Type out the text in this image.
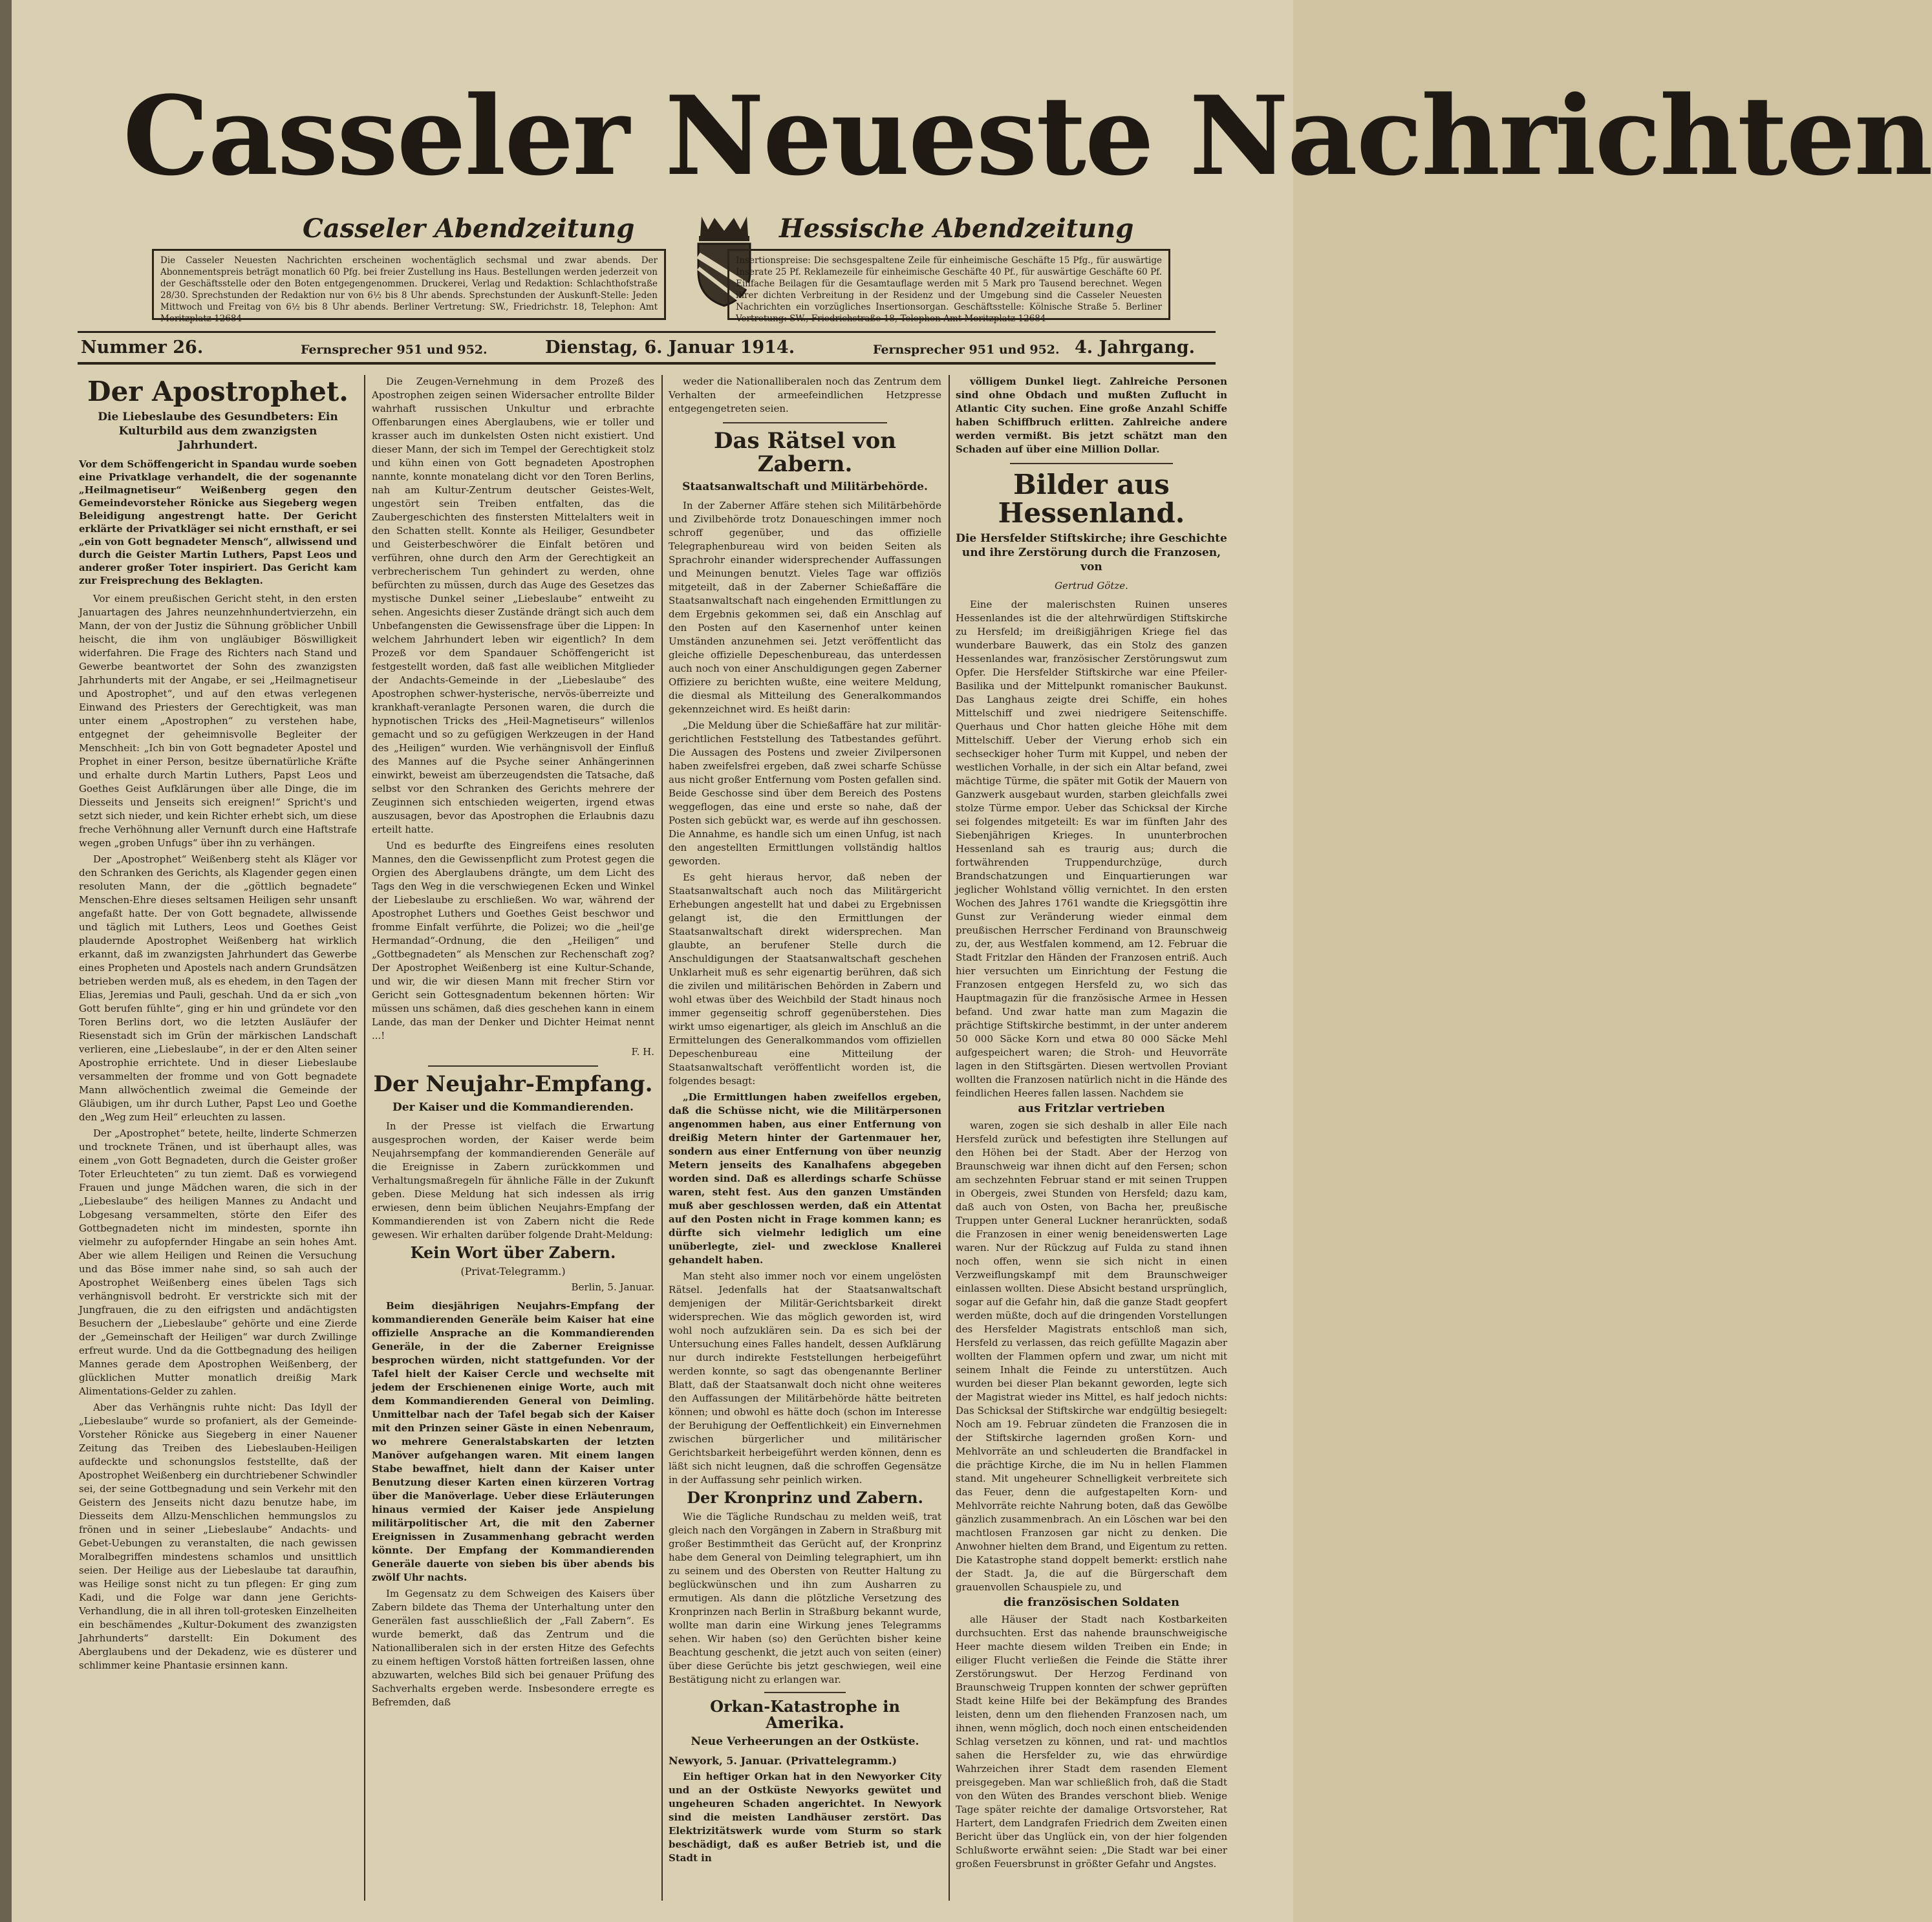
Casseler Neueste Nachrichten
Casseler Abendzeitung	Hessische Abendzeitung
Die Casseler Neuesten Nachrichten erscheinen wochentäglich sechsmal und zwar abends. Der Abonnementspreis beträgt monatlich 60 Pfg. bei freier Zustellung ins Haus. Bestellungen werden jederzeit von der Geschäftsstelle oder den Boten entgegengenommen. Druckerei, Verlag und Redaktion: Schlachthofstraße 28/30. Sprechstunden der Redaktion nur von 6½ bis 8 Uhr abends. Sprechstunden der Auskunft-Stelle: Jeden Mittwoch und Freitag von 6½ bis 8 Uhr abends. Berliner Vertretung: SW., Friedrichstr. 18, Telephon: Amt Moritzplatz 12684
Insertionspreise: Die sechsgespaltene Zeile für einheimische Geschäfte 15 Pfg., für auswärtige Inserate 25 Pf. Reklamezeile für einheimische Geschäfte 40 Pf., für auswärtige Geschäfte 60 Pf. Einfache Beilagen für die Gesamtauflage werden mit 5 Mark pro Tausend berechnet. Wegen ihrer dichten Verbreitung in der Residenz und der Umgebung sind die Casseler Neuesten Nachrichten ein vorzügliches Insertionsorgan. Geschäftsstelle: Kölnische Straße 5. Berliner Vertretung: SW., Friedrichstraße 18, Telephon Amt Moritzplatz 12684
Nummer 26.	Fernsprecher 951 und 952.	Dienstag, 6. Januar 1914.	Fernsprecher 951 und 952. 4. Jahrgang.
Der Apostrophet.
Die Liebeslaube des Gesundbeters: Ein Kulturbild aus dem zwanzigsten Jahrhundert.
Vor dem Schöffengericht in Spandau wurde soeben eine Privatklage verhandelt, die der sogenannte „Heilmagnetiseur“ Weißenberg gegen den Gemeindevorsteher Rönicke aus Siegeberg wegen Beleidigung angestrengt hatte. Der Gericht erklärte der Privatkläger sei nicht ernsthaft, er sei „ein von Gott begnadeter Mensch“, allwissend und durch die Geister Martin Luthers, Papst Leos und anderer großer Toter inspiriert. Das Gericht kam zur Freisprechung des Beklagten.

Vor einem preußischen Gericht steht, in den ersten Januartagen des Jahres neunzehnhundertvierzehn, ein Mann, der von der Justiz die Sühnung gröblicher Unbill heischt, die ihm von ungläubiger Böswilligkeit widerfahren. Die Frage des Richters nach Stand und Gewerbe beantwortet der Sohn des zwanzigsten Jahrhunderts mit der Angabe, er sei „Heilmagnetiseur und Apostrophet“, und auf den etwas verlegenen Einwand des Priesters der Gerechtigkeit, was man unter einem „Apostrophen“ zu verstehen habe, entgegnet der geheimnisvolle Begleiter der Menschheit: „Ich bin von Gott begnadeter Apostel und Prophet in einer Person, besitze übernatürliche Kräfte und erhalte durch Martin Luthers, Papst Leos und Goethes Geist Aufklärungen über alle Dinge, die im Diesseits und Jenseits sich ereignen!“ Spricht's und setzt sich nieder, und kein Richter erhebt sich, um diese freche Verhöhnung aller Vernunft durch eine Haftstrafe wegen „groben Unfugs“ über ihn zu verhängen.

Der „Apostrophet“ Weißenberg steht als Kläger vor den Schranken des Gerichts, als Klagender gegen einen resoluten Mann, der die „göttlich begnadete“ Menschen-Ehre dieses seltsamen Heiligen sehr unsanft angefaßt hatte. Der von Gott begnadete, allwissende und täglich mit Luthers, Leos und Goethes Geist plaudernde Apostrophet Weißenberg hat wirklich erkannt, daß im zwanzigsten Jahrhundert das Gewerbe eines Propheten und Apostels nach andern Grundsätzen betrieben werden muß, als es ehedem, in den Tagen der Elias, Jeremias und Pauli, geschah. Und da er sich „von Gott berufen fühlte“, ging er hin und gründete vor den Toren Berlins dort, wo die letzten Ausläufer der Riesenstadt sich im Grün der märkischen Landschaft verlieren, eine „Liebeslaube“, in der er den Alten seiner Apostrophie errichtete. Und in dieser Liebeslaube versammelten der fromme und von Gott begnadete Mann allwöchentlich zweimal die Gemeinde der Gläubigen, um ihr durch Luther, Papst Leo und Goethe den „Weg zum Heil“ erleuchten zu lassen.

Der „Apostrophet“ betete, heilte, linderte Schmerzen und trocknete Tränen, und ist überhaupt alles, was einem „von Gott Begnadeten, durch die Geister großer Toter Erleuchteten“ zu tun ziemt. Daß es vorwiegend Frauen und junge Mädchen waren, die sich in der „Liebeslaube“ des heiligen Mannes zu Andacht und Lobgesang versammelten, störte den Eifer des Gottbegnadeten nicht im mindesten, spornte ihn vielmehr zu aufopfernder Hingabe an sein hohes Amt. Aber wie allem Heiligen und Reinen die Versuchung und das Böse immer nahe sind, so sah auch der Apostrophet Weißenberg eines übelen Tags sich verhängnisvoll bedroht. Er verstrickte sich mit der Jungfrauen, die zu den eifrigsten und andächtigsten Besuchern der „Liebeslaube“ gehörte und eine Zierde der „Gemeinschaft der Heiligen“ war durch Zwillinge erfreut wurde. Und da die Gottbegnadung des heiligen Mannes gerade dem Apostrophen Weißenberg, der glücklichen Mutter monatlich dreißig Mark Alimentations-Gelder zu zahlen.

Aber das Verhängnis ruhte nicht: Das Idyll der „Liebeslaube“ wurde so profaniert, als der Gemeinde-Vorsteher Rönicke aus Siegeberg in einer Nauener Zeitung das Treiben des Liebeslauben-Heiligen aufdeckte und schonungslos feststellte, daß der Apostrophet Weißenberg ein durchtriebener Schwindler sei, der seine Gottbegnadung und sein Verkehr mit den Geistern des Jenseits nicht dazu benutze habe, im Diesseits dem Allzu-Menschlichen hemmungslos zu frönen und in seiner „Liebeslaube“ Andachts- und Gebet-Uebungen zu veranstalten, die nach gewissen Moralbegriffen mindestens schamlos und unsittlich seien. Der Heilige aus der Liebeslaube tat daraufhin, was Heilige sonst nicht zu tun pflegen: Er ging zum Kadi, und die Folge war dann jene Gerichts-Verhandlung, die in all ihren toll-grotesken Einzelheiten ein beschämendes „Kultur-Dokument des zwanzigsten Jahrhunderts“ darstellt: Ein Dokument des Aberglaubens und der Dekadenz, wie es düsterer und schlimmer keine Phantasie ersinnen kann.

Die Zeugen-Vernehmung in dem Prozeß des Apostrophen zeigen seinen Widersacher entrollte Bilder wahrhaft russischen Unkultur und erbrachte Offenbarungen eines Aberglaubens, wie er toller und krasser auch im dunkelsten Osten nicht existiert. Und dieser Mann, der sich im Tempel der Gerechtigkeit stolz und kühn einen von Gott begnadeten Apostrophen nannte, konnte monatelang dicht vor den Toren Berlins, nah am Kultur-Zentrum deutscher Geistes-Welt, ungestört sein Treiben entfalten, das die Zaubergeschichten des finstersten Mittelalters weit in den Schatten stellt. Konnte als Heiliger, Gesundbeter und Geisterbeschwörer die Einfalt betören und verführen, ohne durch den Arm der Gerechtigkeit an verbrecherischem Tun gehindert zu werden, ohne befürchten zu müssen, durch das Auge des Gesetzes das mystische Dunkel seiner „Liebeslaube“ entweiht zu sehen. Angesichts dieser Zustände drängt sich auch dem Unbefangensten die Gewissensfrage über die Lippen: In welchem Jahrhundert leben wir eigentlich? In dem Prozeß vor dem Spandauer Schöffengericht ist festgestellt worden, daß fast alle weiblichen Mitglieder der Andachts-Gemeinde in der „Liebeslaube“ des Apostrophen schwer-hysterische, nervös-überreizte und krankhaft-veranlagte Personen waren, die durch die hypnotischen Tricks des „Heil-Magnetiseurs“ willenlos gemacht und so zu gefügigen Werkzeugen in der Hand des „Heiligen“ wurden. Wie verhängnisvoll der Einfluß des Mannes auf die Psyche seiner Anhängerinnen einwirkt, beweist am überzeugendsten die Tatsache, daß selbst vor den Schranken des Gerichts mehrere der Zeuginnen sich entschieden weigerten, irgend etwas auszusagen, bevor das Apostrophen die Erlaubnis dazu erteilt hatte.

Und es bedurfte des Eingreifens eines resoluten Mannes, den die Gewissenpflicht zum Protest gegen die Orgien des Aberglaubens drängte, um dem Licht des Tags den Weg in die verschwiegenen Ecken und Winkel der Liebeslaube zu erschließen. Wo war, während der Apostrophet Luthers und Goethes Geist beschwor und fromme Einfalt verführte, die Polizei; wo die „heil'ge Hermandad“-Ordnung, die den „Heiligen“ und „Gottbegnadeten“ als Menschen zur Rechenschaft zog? Der Apostrophet Weißenberg ist eine Kultur-Schande, und wir, die wir diesen Mann mit frecher Stirn vor Gericht sein Gottesgnadentum bekennen hörten: Wir müssen uns schämen, daß dies geschehen kann in einem Lande, das man der Denker und Dichter Heimat nennt ...!

F. H.
Der Neujahr-Empfang.
Der Kaiser und die Kommandierenden.

In der Presse ist vielfach die Erwartung ausgesprochen worden, der Kaiser werde beim Neujahrsempfang der kommandierenden Generäle auf die Ereignisse in Zabern zurückkommen und Verhaltungsmaßregeln für ähnliche Fälle in der Zukunft geben. Diese Meldung hat sich indessen als irrig erwiesen, denn beim üblichen Neujahrs-Empfang der Kommandierenden ist von Zabern nicht die Rede gewesen. Wir erhalten darüber folgende Draht-Meldung:

Kein Wort über Zabern.
(Privat-Telegramm.)
Berlin, 5. Januar.

Beim diesjährigen Neujahrs-Empfang der kommandierenden Generäle beim Kaiser hat eine offizielle Ansprache an die Kommandierenden Generäle, in der die Zaberner Ereignisse besprochen würden, nicht stattgefunden. Vor der Tafel hielt der Kaiser Cercle und wechselte mit jedem der Erschienenen einige Worte, auch mit dem Kommandierenden General von Deimling. Unmittelbar nach der Tafel begab sich der Kaiser mit den Prinzen seiner Gäste in einen Nebenraum, wo mehrere Generalstabskarten der letzten Manöver aufgehangen waren. Mit einem langen Stabe bewaffnet, hielt dann der Kaiser unter Benutzung dieser Karten einen kürzeren Vortrag über die Manöverlage. Ueber diese Erläuterungen hinaus vermied der Kaiser jede Anspielung militärpolitischer Art, die mit den Zaberner Ereignissen in Zusammenhang gebracht werden könnte. Der Empfang der Kommandierenden Generäle dauerte von sieben bis über abends bis zwölf Uhr nachts.

Im Gegensatz zu dem Schweigen des Kaisers über Zabern bildete das Thema der Unterhaltung unter den Generälen fast ausschließlich der „Fall Zabern“. Es wurde bemerkt, daß das Zentrum und die Nationalliberalen sich in der ersten Hitze des Gefechts zu einem heftigen Vorstoß hätten fortreißen lassen, ohne abzuwarten, welches Bild sich bei genauer Prüfung des Sachverhalts ergeben werde. Insbesondere erregte es Befremden, daß

weder die Nationalliberalen noch das Zentrum dem Verhalten der armeefeindlichen Hetzpresse entgegengetreten seien.

Das Rätsel von Zabern.
Staatsanwaltschaft und Militärbehörde.

In der Zaberner Affäre stehen sich Militärbehörde und Zivilbehörde trotz Donaueschingen immer noch schroff gegenüber, und das offizielle Telegraphenbureau wird von beiden Seiten als Sprachrohr einander widersprechender Auffassungen und Meinungen benutzt. Vieles Tage war offiziös mitgeteilt, daß in der Zaberner Schießaffäre die Staatsanwaltschaft nach eingehenden Ermittlungen zu dem Ergebnis gekommen sei, daß ein Anschlag auf den Posten auf den Kasernenhof unter keinen Umständen anzunehmen sei. Jetzt veröffentlicht das gleiche offizielle Depeschenbureau, das unterdessen auch noch von einer Anschuldigungen gegen Zaberner Offiziere zu berichten wußte, eine weitere Meldung, die diesmal als Mitteilung des Generalkommandos gekennzeichnet wird. Es heißt darin:

„Die Meldung über die Schießaffäre hat zur militär-gerichtlichen Feststellung des Tatbestandes geführt. Die Aussagen des Postens und zweier Zivilpersonen haben zweifelsfrei ergeben, daß zwei scharfe Schüsse aus nicht großer Entfernung vom Posten gefallen sind. Beide Geschosse sind über dem Bereich des Postens weggeflogen, das eine und erste so nahe, daß der Posten sich gebückt war, es werde auf ihn geschossen. Die Annahme, es handle sich um einen Unfug, ist nach den angestellten Ermittlungen vollständig haltlos geworden.

Es geht hieraus hervor, daß neben der Staatsanwaltschaft auch noch das Militärgericht Erhebungen angestellt hat und dabei zu Ergebnissen gelangt ist, die den Ermittlungen der Staatsanwaltschaft direkt widersprechen. Man glaubte, an berufener Stelle durch die Anschuldigungen der Staatsanwaltschaft geschehen Unklarheit muß es sehr eigenartig berühren, daß sich die zivilen und militärischen Behörden in Zabern und wohl etwas über des Weichbild der Stadt hinaus noch immer gegenseitig schroff gegenüberstehen. Dies wirkt umso eigenartiger, als gleich im Anschluß an die Ermittelungen des Generalkommandos vom offiziellen Depeschenbureau eine Mitteilung der Staatsanwaltschaft veröffentlicht worden ist, die folgendes besagt:

„Die Ermittlungen haben zweifellos ergeben, daß die Schüsse nicht, wie die Militärpersonen angenommen haben, aus einer Entfernung von dreißig Metern hinter der Gartenmauer her, sondern aus einer Entfernung von über neunzig Metern jenseits des Kanalhafens abgegeben worden sind. Daß es allerdings scharfe Schüsse waren, steht fest. Aus den ganzen Umständen muß aber geschlossen werden, daß ein Attentat auf den Posten nicht in Frage kommen kann; es dürfte sich vielmehr lediglich um eine unüberlegte, ziel- und zwecklose Knallerei gehandelt haben.

Man steht also immer noch vor einem ungelösten Rätsel. Jedenfalls hat der Staatsanwaltschaft demjenigen der Militär-Gerichtsbarkeit direkt widersprechen. Wie das möglich geworden ist, wird wohl noch aufzuklären sein. Da es sich bei der Untersuchung eines Falles handelt, dessen Aufklärung nur durch indirekte Feststellungen herbeigeführt werden konnte, so sagt das obengenannte Berliner Blatt, daß der Staatsanwalt doch nicht ohne weiteres den Auffassungen der Militärbehörde hätte beitreten können; und obwohl es hätte doch (schon im Interesse der Beruhigung der Oeffentlichkeit) ein Einvernehmen zwischen bürgerlicher und militärischer Gerichtsbarkeit herbeigeführt werden können, denn es läßt sich nicht leugnen, daß die schroffen Gegensätze in der Auffassung sehr peinlich wirken.

Der Kronprinz und Zabern.

Wie die Tägliche Rundschau zu melden weiß, trat gleich nach den Vorgängen in Zabern in Straßburg mit großer Bestimmtheit das Gerücht auf, der Kronprinz habe dem General von Deimling telegraphiert, um ihn zu seinem und des Obersten von Reutter Haltung zu beglückwünschen und ihn zum Ausharren zu ermutigen. Als dann die plötzliche Versetzung des Kronprinzen nach Berlin in Straßburg bekannt wurde, wollte man darin eine Wirkung jenes Telegramms sehen. Wir haben (so) den Gerüchten bisher keine Beachtung geschenkt, die jetzt auch von seiten (einer) über diese Gerüchte bis jetzt geschwiegen, weil eine Bestätigung nicht zu erlangen war.

Orkan-Katastrophe in Amerika.
Neue Verheerungen an der Ostküste.
Newyork, 5. Januar. (Privattelegramm.)

Ein heftiger Orkan hat in den Newyorker City und an der Ostküste Newyorks gewütet und ungeheuren Schaden angerichtet. In Newyork sind die meisten Landhäuser zerstört. Das Elektrizitätswerk wurde vom Sturm so stark beschädigt, daß es außer Betrieb ist, und die Stadt in

völligem Dunkel liegt. Zahlreiche Personen sind ohne Obdach und mußten Zuflucht in Atlantic City suchen. Eine große Anzahl Schiffe haben Schiffbruch erlitten. Zahlreiche andere werden vermißt. Bis jetzt schätzt man den Schaden auf über eine Million Dollar.

Bilder aus Hessenland.
Die Hersfelder Stiftskirche; ihre Geschichte und ihre Zerstörung durch die Franzosen, von
Gertrud Götze.

Eine der malerischsten Ruinen unseres Hessenlandes ist die der altehrwürdigen Stiftskirche zu Hersfeld; im dreißigjährigen Kriege fiel das wunderbare Bauwerk, das ein Stolz des ganzen Hessenlandes war, französischer Zerstörungswut zum Opfer. Die Hersfelder Stiftskirche war eine Pfeiler-Basilika und der Mittelpunkt romanischer Baukunst. Das Langhaus zeigte drei Schiffe, ein hohes Mittelschiff und zwei niedrigere Seitenschiffe. Querhaus und Chor hatten gleiche Höhe mit dem Mittelschiff. Ueber der Vierung erhob sich ein sechseckiger hoher Turm mit Kuppel, und neben der westlichen Vorhalle, in der sich ein Altar befand, zwei mächtige Türme, die später mit Gotik der Mauern von Ganzwerk ausgebaut wurden, starben gleichfalls zwei stolze Türme empor. Ueber das Schicksal der Kirche sei folgendes mitgeteilt: Es war im fünften Jahr des Siebenjährigen Krieges. In ununterbrochen Hessenland sah es traurig aus; durch die fortwährenden Truppendurchzüge, durch Brandschatzungen und Einquartierungen war jeglicher Wohlstand völlig vernichtet. In den ersten Wochen des Jahres 1761 wandte die Kriegsgöttin ihre Gunst zur Veränderung wieder einmal dem preußischen Herrscher Ferdinand von Braunschweig zu, der, aus Westfalen kommend, am 12. Februar die Stadt Fritzlar den Händen der Franzosen entriß. Auch hier versuchten um Einrichtung der Festung die Franzosen entgegen Hersfeld zu, wo sich das Hauptmagazin für die französische Armee in Hessen befand. Und zwar hatte man zum Magazin die prächtige Stiftskirche bestimmt, in der unter anderem 50 000 Säcke Korn und etwa 80 000 Säcke Mehl aufgespeichert waren; die Stroh- und Heuvorräte lagen in den Stiftsgärten. Diesen wertvollen Proviant wollten die Franzosen natürlich nicht in die Hände des feindlichen Heeres fallen lassen. Nachdem sie

aus Fritzlar vertrieben

waren, zogen sie sich deshalb in aller Eile nach Hersfeld zurück und befestigten ihre Stellungen auf den Höhen bei der Stadt. Aber der Herzog von Braunschweig war ihnen dicht auf den Fersen; schon am sechzehnten Februar stand er mit seinen Truppen in Obergeis, zwei Stunden von Hersfeld; dazu kam, daß auch von Osten, von Bacha her, preußische Truppen unter General Luckner heranrückten, sodaß die Franzosen in einer wenig beneidenswerten Lage waren. Nur der Rückzug auf Fulda zu stand ihnen noch offen, wenn sie sich nicht in einen Verzweiflungskampf mit dem Braunschweiger einlassen wollten. Diese Absicht bestand ursprünglich, sogar auf die Gefahr hin, daß die ganze Stadt geopfert werden müßte, doch auf die dringenden Vorstellungen des Hersfelder Magistrats entschloß man sich, Hersfeld zu verlassen, das reich gefüllte Magazin aber wollten der Flammen opfern und zwar, um nicht mit seinem Inhalt die Feinde zu unterstützen. Auch wurden bei dieser Plan bekannt geworden, legte sich der Magistrat wieder ins Mittel, es half jedoch nichts: Das Schicksal der Stiftskirche war endgültig besiegelt: Noch am 19. Februar zündeten die Franzosen die in der Stiftskirche lagernden großen Korn- und Mehlvorräte an und schleuderten die Brandfackel in die prächtige Kirche, die im Nu in hellen Flammen stand. Mit ungeheurer Schnelligkeit verbreitete sich das Feuer, denn die aufgestapelten Korn- und Mehlvorräte reichte Nahrung boten, daß das Gewölbe gänzlich zusammenbrach. An ein Löschen war bei den machtlosen Franzosen gar nicht zu denken. Die Anwohner hielten dem Brand, und Eigentum zu retten. Die Katastrophe stand doppelt bemerkt: erstlich nahe der Stadt. Ja, die auf die Bürgerschaft dem grauenvollen Schauspiele zu, und

die französischen Soldaten

alle Häuser der Stadt nach Kostbarkeiten durchsuchten. Erst das nahende braunschweigische Heer machte diesem wilden Treiben ein Ende; in eiliger Flucht verließen die Feinde die Stätte ihrer Zerstörungswut. Der Herzog Ferdinand von Braunschweig Truppen konnten der schwer geprüften Stadt keine Hilfe bei der Bekämpfung des Brandes leisten, denn um den fliehenden Franzosen nach, um ihnen, wenn möglich, doch noch einen entscheidenden Schlag versetzen zu können, und rat- und machtlos sahen die Hersfelder zu, wie das ehrwürdige Wahrzeichen ihrer Stadt dem rasenden Element preisgegeben. Man war schließlich froh, daß die Stadt von den Wüten des Brandes verschont blieb. Wenige Tage später reichte der damalige Ortsvorsteher, Rat Hartert, dem Landgrafen Friedrich dem Zweiten einen Bericht über das Unglück ein, von der hier folgenden Schlußworte erwähnt seien: „Die Stadt war bei einer großen Feuersbrunst in größter Gefahr und Angstes.
